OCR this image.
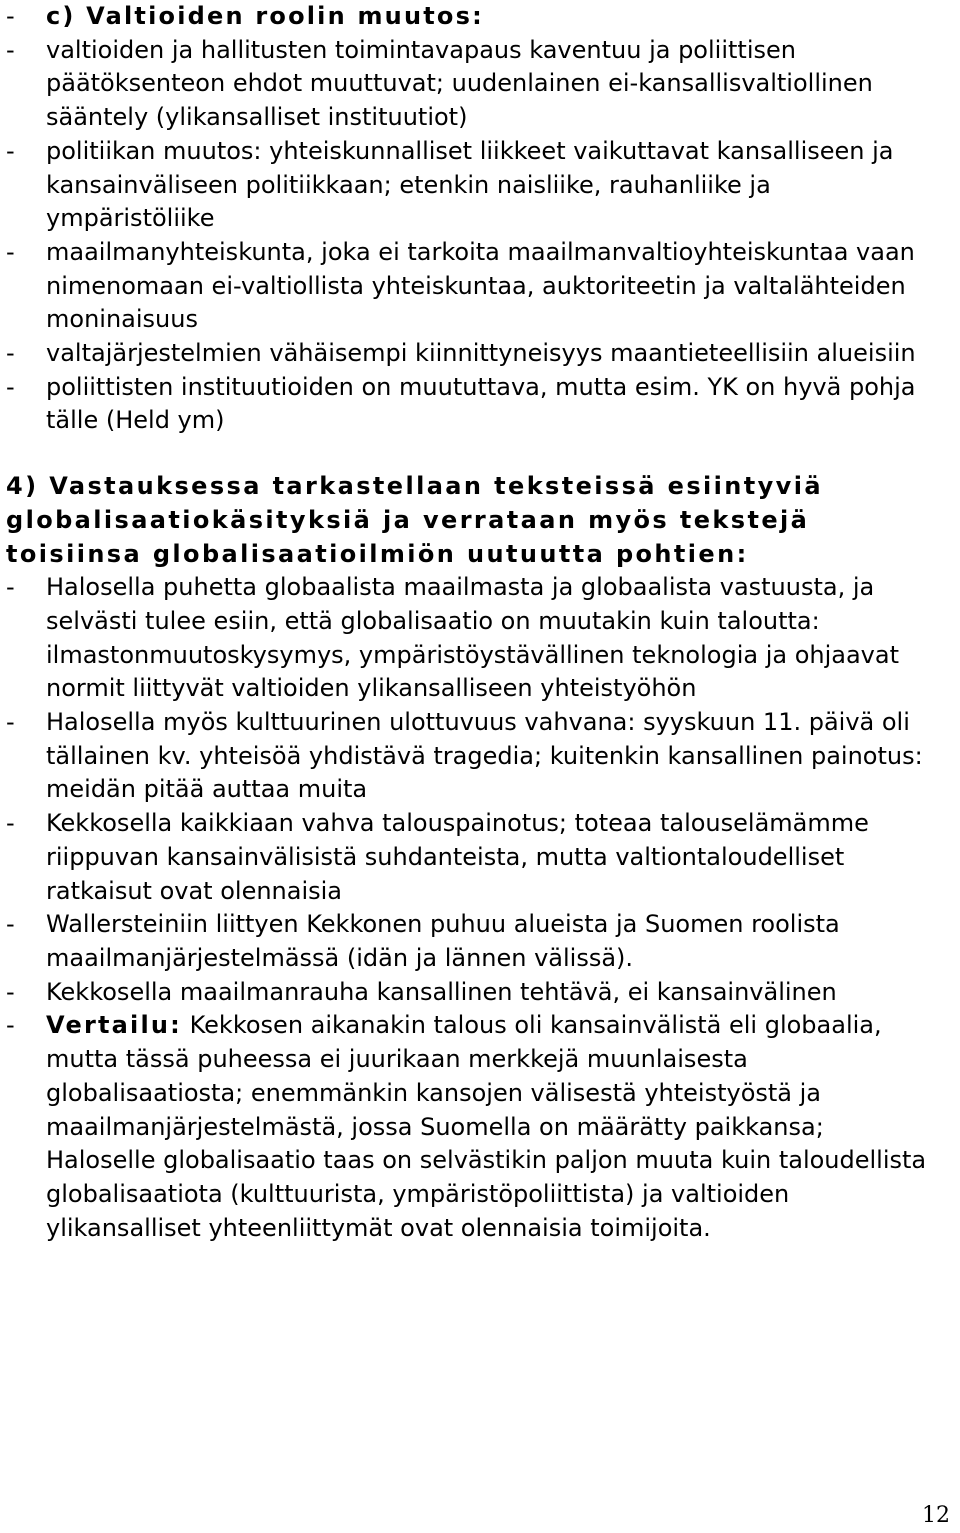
-	c) Valtioiden roolin muutos:
-	valtioiden ja hallitusten toimintavapaus kaventuu ja poliittisen päätöksenteon ehdot muuttuvat; uudenlainen ei-kansallisvaltiollinen sääntely (ylikansalliset instituutiot)
-	politiikan muutos: yhteiskunnalliset liikkeet vaikuttavat kansalliseen ja kansainväliseen politiikkaan; etenkin naisliike, rauhanliike ja ympäristöliike
-	maailmanyhteiskunta, joka ei tarkoita maailmanvaltioyhteiskuntaa vaan nimenomaan ei-valtiollista yhteiskuntaa, auktoriteetin ja valtalähteiden moninaisuus
-	valtajärjestelmien vähäisempi kiinnittyneisyys maantieteellisiin alueisiin
-	poliittisten instituutioiden on muututtava, mutta esim. YK on hyvä pohja tälle (Held ym)
4) Vastauksessa tarkastellaan teksteissä esiintyviä globalisaatiokäsityksiä ja verrataan myös tekstejä toisiinsa globalisaatioilmiön uutuutta pohtien:
-	Halosella puhetta globaalista maailmasta ja globaalista vastuusta, ja selvästi tulee esiin, että globalisaatio on muutakin kuin taloutta: ilmastonmuutoskysymys, ympäristöystävällinen teknologia ja ohjaavat normit liittyvät valtioiden ylikansalliseen yhteistyöhön
-	Halosella myös kulttuurinen ulottuvuus vahvana: syyskuun 11. päivä oli tällainen kv. yhteisöä yhdistävä tragedia; kuitenkin kansallinen painotus: meidän pitää auttaa muita
-	Kekkosella kaikkiaan vahva talouspainotus; toteaa talouselämämme riippuvan kansainvälisistä suhdanteista, mutta valtiontaloudelliset ratkaisut ovat olennaisia
-	Wallersteiniin liittyen Kekkonen puhuu alueista ja Suomen roolista maailmanjärjestelmässä (idän ja lännen välissä).
-	Kekkosella maailmanrauha kansallinen tehtävä, ei kansainvälinen
-	Vertailu: Kekkosen aikanakin talous oli kansainvälistä eli globaalia, mutta tässä puheessa ei juurikaan merkkejä muunlaisesta globalisaatiosta; enemmänkin kansojen välisestä yhteistyöstä ja maailmanjärjestelmästä, jossa Suomella on määrätty paikkansa; Haloselle globalisaatio taas on selvästikin paljon muuta kuin taloudellista globalisaatiota (kulttuurista, ympäristöpoliittista) ja valtioiden ylikansalliset yhteenliittymät ovat olennaisia toimijoita.
12
